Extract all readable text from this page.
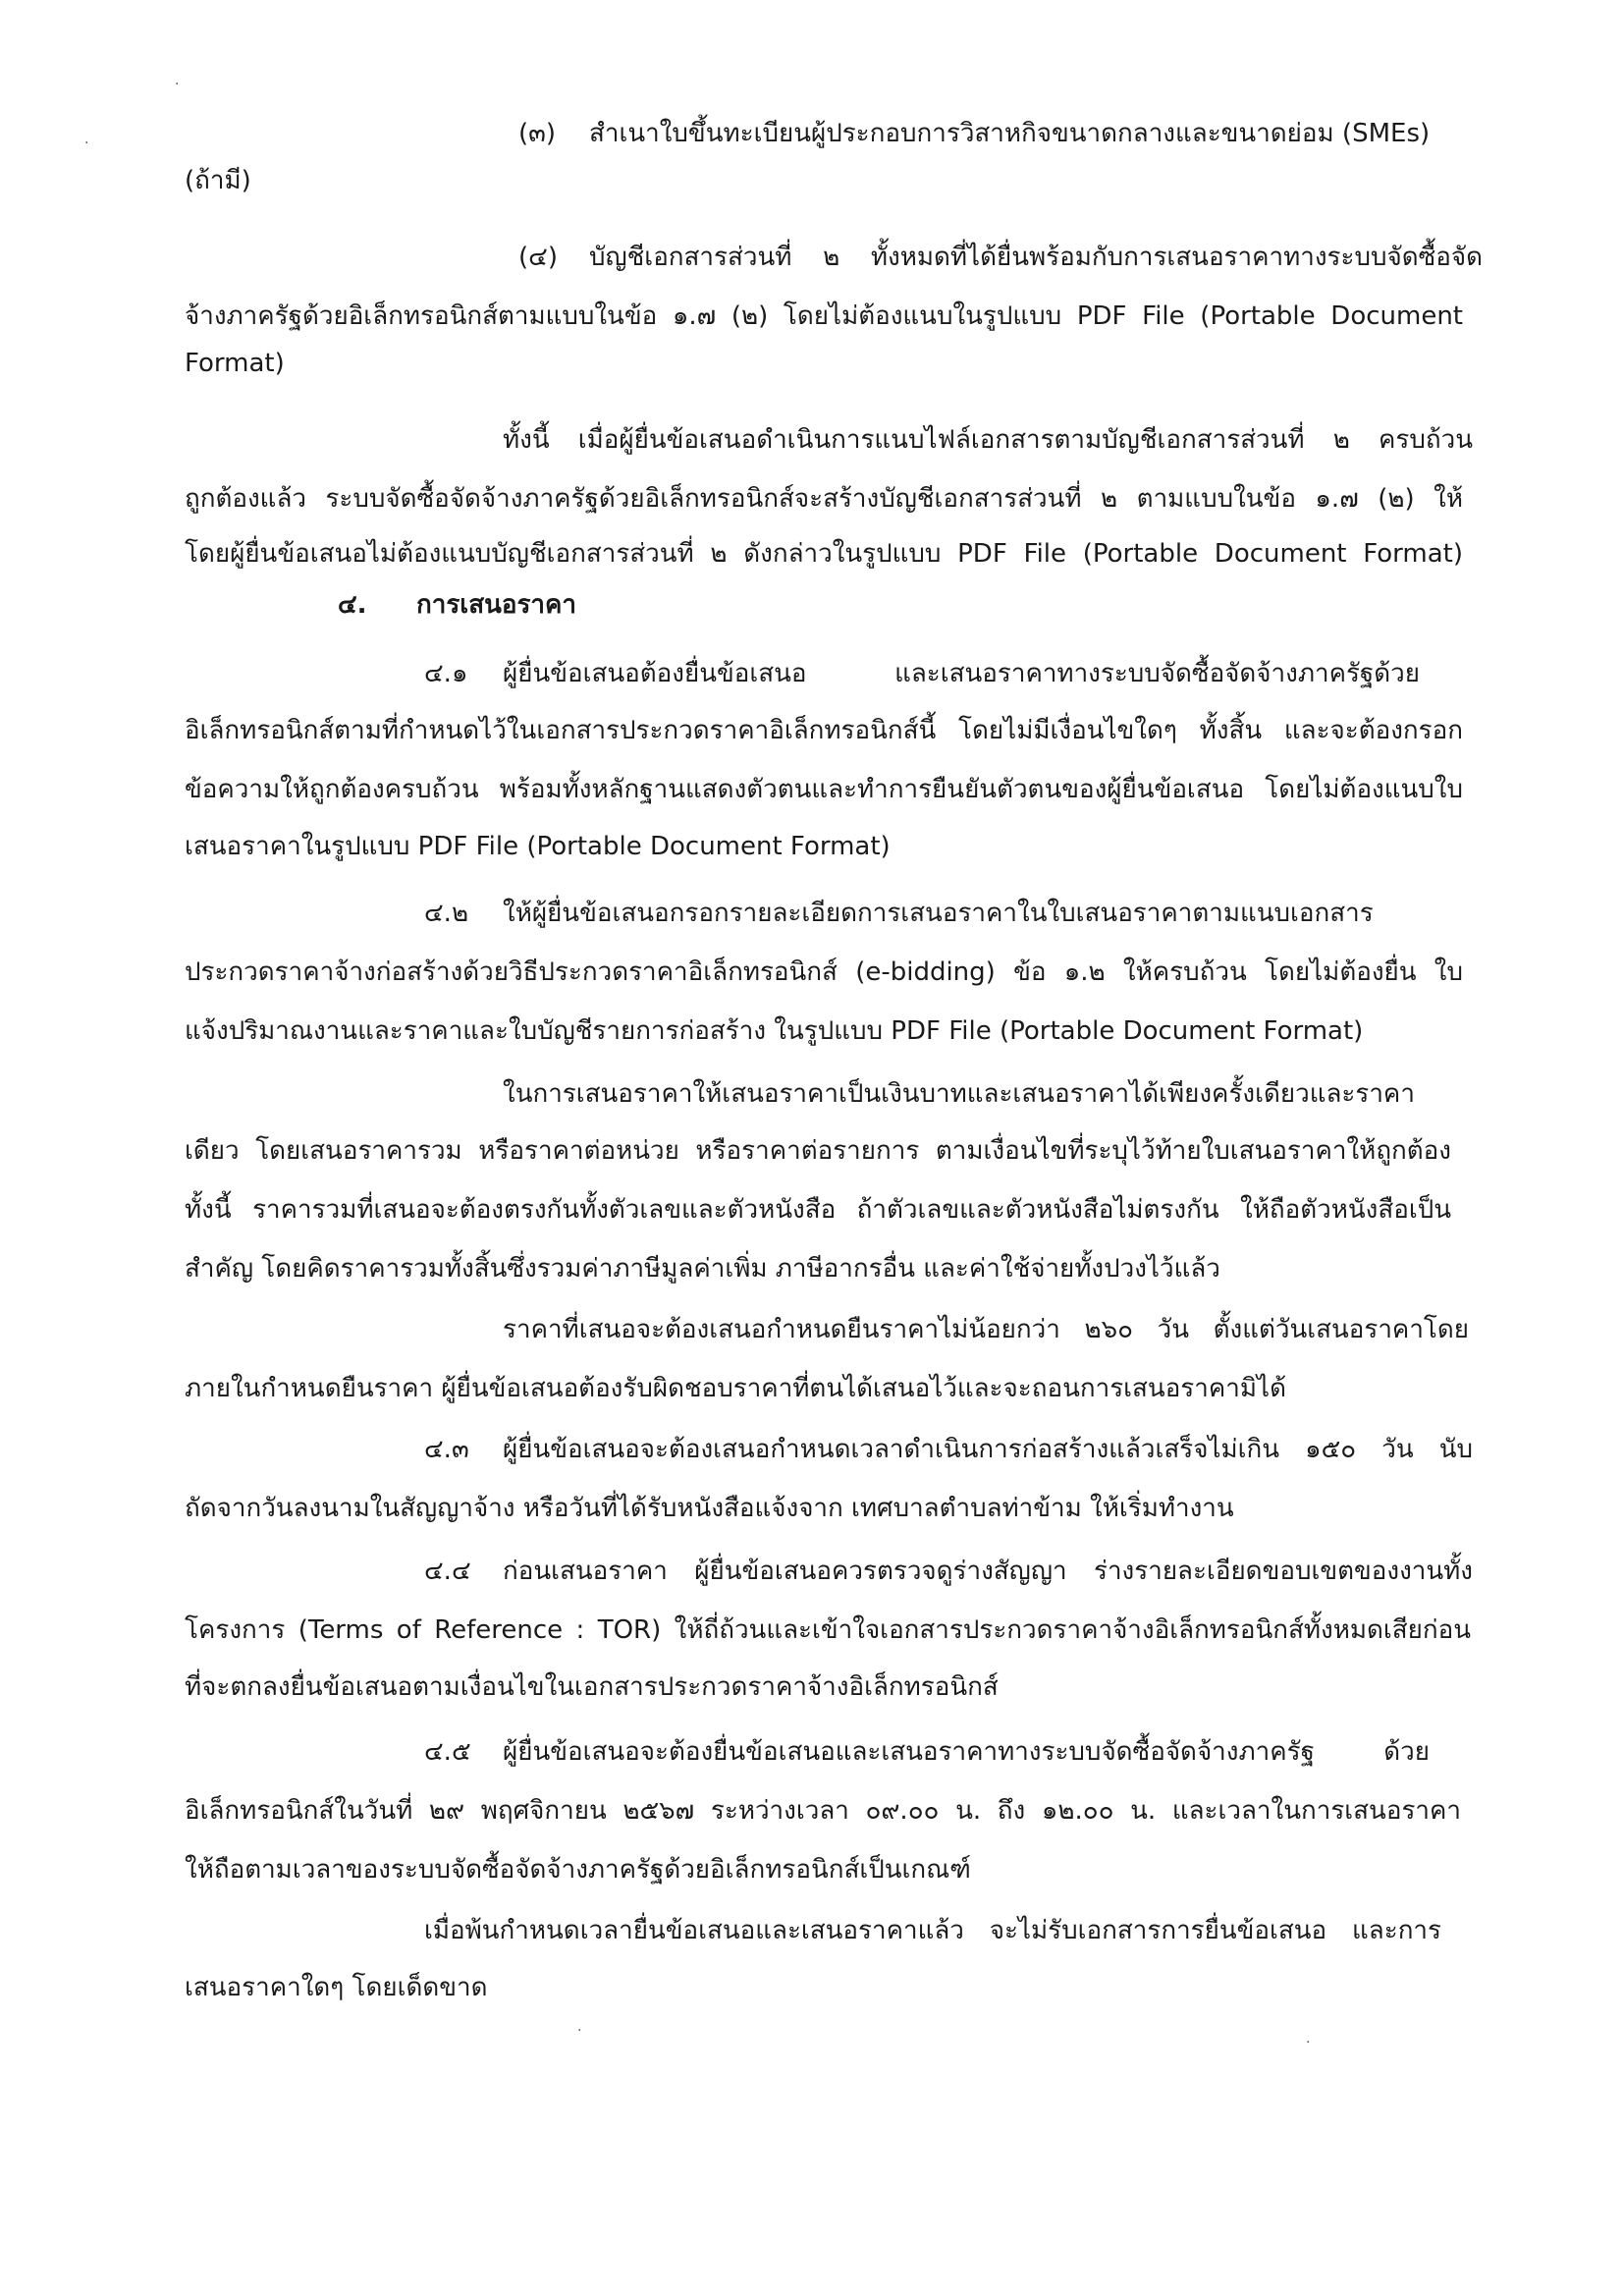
·
·
·
·
(๓) สำเนาใบขึ้นทะเบียนผู้ประกอบการวิสาหกิจขนาดกลางและขนาดย่อม (SMEs)
(ถ้ามี)
(๔) บัญชีเอกสารส่วนที่ ๒ ทั้งหมดที่ได้ยื่นพร้อมกับการเสนอราคาทางระบบจัดซื้อจัด
จ้างภาครัฐด้วยอิเล็กทรอนิกส์ตามแบบในข้อ ๑.๗ (๒) โดยไม่ต้องแนบในรูปแบบ PDF File (Portable Document
Format)
ทั้งนี้ เมื่อผู้ยื่นข้อเสนอดำเนินการแนบไฟล์เอกสารตามบัญชีเอกสารส่วนที่ ๒ ครบถ้วน
ถูกต้องแล้ว ระบบจัดซื้อจัดจ้างภาครัฐด้วยอิเล็กทรอนิกส์จะสร้างบัญชีเอกสารส่วนที่ ๒ ตามแบบในข้อ ๑.๗ (๒) ให้
โดยผู้ยื่นข้อเสนอไม่ต้องแนบบัญชีเอกสารส่วนที่ ๒ ดังกล่าวในรูปแบบ PDF File (Portable Document Format)
๔. การเสนอราคา
๔.๑ ผู้ยื่นข้อเสนอต้องยื่นข้อเสนอ และเสนอราคาทางระบบจัดซื้อจัดจ้างภาครัฐด้วย
อิเล็กทรอนิกส์ตามที่กำหนดไว้ในเอกสารประกวดราคาอิเล็กทรอนิกส์นี้ โดยไม่มีเงื่อนไขใดๆ ทั้งสิ้น และจะต้องกรอก
ข้อความให้ถูกต้องครบถ้วน พร้อมทั้งหลักฐานแสดงตัวตนและทำการยืนยันตัวตนของผู้ยื่นข้อเสนอ โดยไม่ต้องแนบใบ
เสนอราคาในรูปแบบ PDF File (Portable Document Format)
๔.๒ ให้ผู้ยื่นข้อเสนอกรอกรายละเอียดการเสนอราคาในใบเสนอราคาตามแนบเอกสาร
ประกวดราคาจ้างก่อสร้างด้วยวิธีประกวดราคาอิเล็กทรอนิกส์ (e-bidding) ข้อ ๑.๒ ให้ครบถ้วน โดยไม่ต้องยื่น ใบ
แจ้งปริมาณงานและราคาและใบบัญชีรายการก่อสร้าง ในรูปแบบ PDF File (Portable Document Format)
ในการเสนอราคาให้เสนอราคาเป็นเงินบาทและเสนอราคาได้เพียงครั้งเดียวและราคา
เดียว โดยเสนอราคารวม หรือราคาต่อหน่วย หรือราคาต่อรายการ ตามเงื่อนไขที่ระบุไว้ท้ายใบเสนอราคาให้ถูกต้อง
ทั้งนี้ ราคารวมที่เสนอจะต้องตรงกันทั้งตัวเลขและตัวหนังสือ ถ้าตัวเลขและตัวหนังสือไม่ตรงกัน ให้ถือตัวหนังสือเป็น
สำคัญ โดยคิดราคารวมทั้งสิ้นซึ่งรวมค่าภาษีมูลค่าเพิ่ม ภาษีอากรอื่น และค่าใช้จ่ายทั้งปวงไว้แล้ว
ราคาที่เสนอจะต้องเสนอกำหนดยืนราคาไม่น้อยกว่า ๒๖๐ วัน ตั้งแต่วันเสนอราคาโดย
ภายในกำหนดยืนราคา ผู้ยื่นข้อเสนอต้องรับผิดชอบราคาที่ตนได้เสนอไว้และจะถอนการเสนอราคามิได้
๔.๓ ผู้ยื่นข้อเสนอจะต้องเสนอกำหนดเวลาดำเนินการก่อสร้างแล้วเสร็จไม่เกิน ๑๕๐ วัน นับ
ถัดจากวันลงนามในสัญญาจ้าง หรือวันที่ได้รับหนังสือแจ้งจาก เทศบาลตำบลท่าข้าม ให้เริ่มทำงาน
๔.๔ ก่อนเสนอราคา ผู้ยื่นข้อเสนอควรตรวจดูร่างสัญญา ร่างรายละเอียดขอบเขตของงานทั้ง
โครงการ (Terms of Reference : TOR) ให้ถี่ถ้วนและเข้าใจเอกสารประกวดราคาจ้างอิเล็กทรอนิกส์ทั้งหมดเสียก่อน
ที่จะตกลงยื่นข้อเสนอตามเงื่อนไขในเอกสารประกวดราคาจ้างอิเล็กทรอนิกส์
๔.๕ ผู้ยื่นข้อเสนอจะต้องยื่นข้อเสนอและเสนอราคาทางระบบจัดซื้อจัดจ้างภาครัฐ ด้วย
อิเล็กทรอนิกส์ในวันที่ ๒๙ พฤศจิกายน ๒๕๖๗ ระหว่างเวลา ๐๙.๐๐ น. ถึง ๑๒.๐๐ น. และเวลาในการเสนอราคา
ให้ถือตามเวลาของระบบจัดซื้อจัดจ้างภาครัฐด้วยอิเล็กทรอนิกส์เป็นเกณฑ์
เมื่อพ้นกำหนดเวลายื่นข้อเสนอและเสนอราคาแล้ว จะไม่รับเอกสารการยื่นข้อเสนอ และการ
เสนอราคาใดๆ โดยเด็ดขาด
